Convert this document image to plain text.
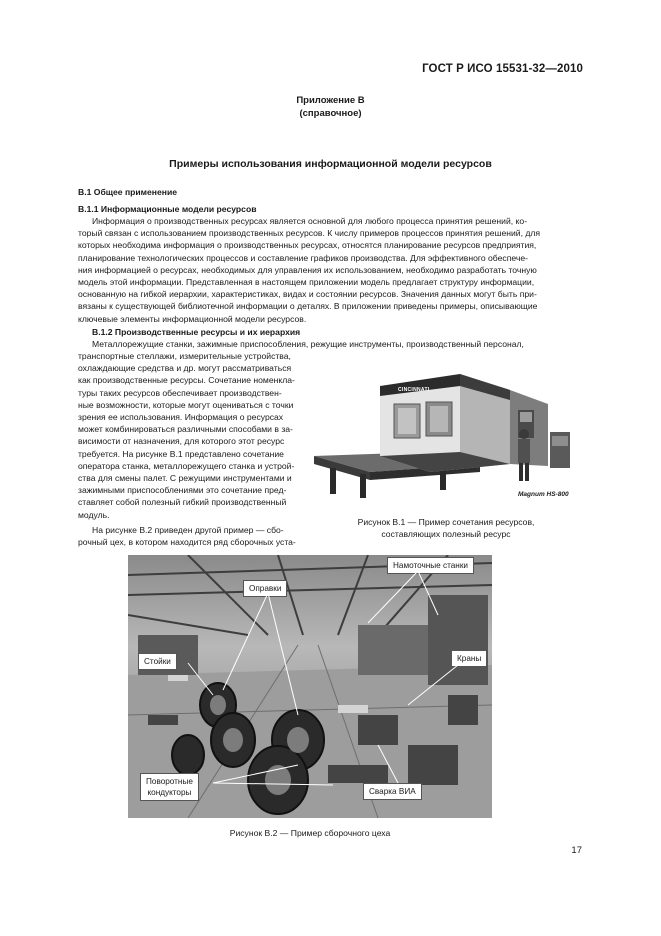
ГОСТ Р ИСО 15531-32—2010
Приложение В
(справочное)
Примеры использования информационной модели ресурсов
В.1 Общее применение
В.1.1 Информационные модели ресурсов

Информация о производственных ресурсах является основной для любого процесса принятия решений, ко-

торый связан с использованием производственных ресурсов. К числу примеров процессов принятия решений, для

которых необходима информация о производственных ресурсах, относятся планирование ресурсов предприятия,

планирование технологических процессов и составление графиков производства. Для эффективного обеспече-

ния информацией о ресурсах, необходимых для управления их использованием, необходимо разработать точную

модель этой информации. Представленная в настоящем приложении модель предлагает структуру информации,

основанную на гибкой иерархии, характеристиках, видах и состоянии ресурсов. Значения данных могут быть при-

вязаны к существующей библиотечной информации о деталях. В приложении приведены примеры, описывающие

ключевые элементы информационной модели ресурсов.

В.1.2 Производственные ресурсы и их иерархия
Металлорежущие станки, зажимные приспособления, режущие инструменты, производственный персонал,

транспортные стеллажи, измерительные устройства,

охлаждающие средства и др. могут рассматриваться

как производственные ресурсы. Сочетание номенкла-

туры таких ресурсов обеспечивает производствен-

ные возможности, которые могут оцениваться с точки

зрения ее использования. Информация о ресурсах

может комбинироваться различными способами в за-

висимости от назначения, для которого этот ресурс

требуется. На рисунке В.1 представлено сочетание

оператора станка, металлорежущего станка и устрой-

ства для смены палет. С режущими инструментами и

зажимными приспособлениями это сочетание пред-

ставляет собой полезный гибкий производственный

модуль.

На рисунке В.2 приведен другой пример — сбо-

рочный цех, в котором находится ряд сборочных уста-

CINCINNATI
Magnum HS-800
Рисунок В.1 — Пример сочетания ресурсов,
составляющих полезный ресурс
Намоточные станки
Оправки
Стойки	Краны
Поворотные
кондукторы	Сварка ВИА
Рисунок В.2 — Пример сборочного цеха
17
